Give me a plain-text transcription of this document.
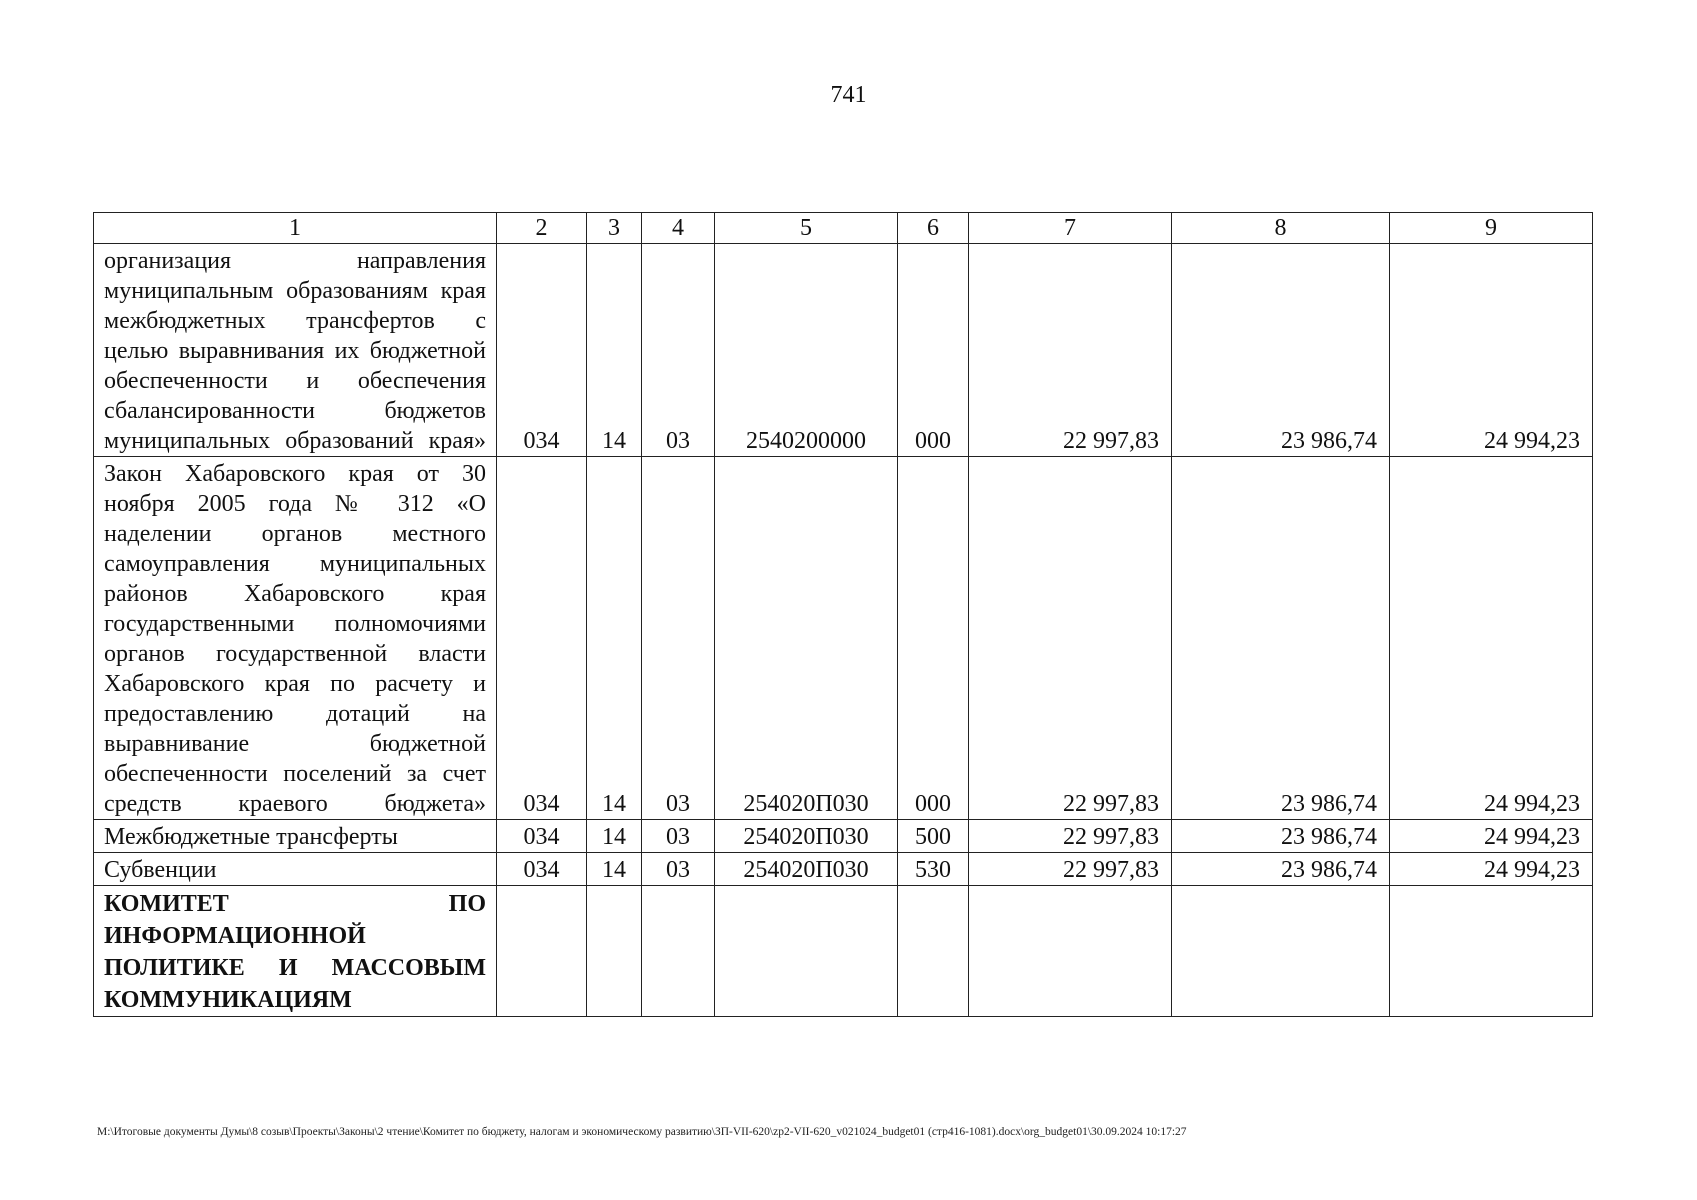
741
1	2	3	4	5	6	7	8	9
организация направления муниципальным образованиям края межбюджетных трансфертов с целью выравнивания их бюджетной обеспеченности и обеспечения сбалансированности бюджетов муниципальных образований края»	034	14	03	2540200000	000	22 997,83	23 986,74	24 994,23
Закон Хабаровского края от 30 ноября 2005 года № 312 «О наделении органов местного самоуправления муниципальных районов Хабаровского края государственными полномочиями органов государственной власти Хабаровского края по расчету и предоставлению дотаций на выравнивание бюджетной обеспеченности поселений за счет средств краевого бюджета»	034	14	03	254020П030	000	22 997,83	23 986,74	24 994,23
Межбюджетные трансферты	034	14	03	254020П030	500	22 997,83	23 986,74	24 994,23
Субвенции	034	14	03	254020П030	530	22 997,83	23 986,74	24 994,23
КОМИТЕТ ПО ИНФОРМАЦИОННОЙ ПОЛИТИКЕ И МАССОВЫМ КОММУНИКАЦИЯМ								
M:\Итоговые документы Думы\8 созыв\Проекты\Законы\2 чтение\Комитет по бюджету, налогам и экономическому развитию\ЗП-VII-620\zp2-VII-620_v021024_budget01 (стр416-1081).docx\org_budget01\30.09.2024 10:17:27
